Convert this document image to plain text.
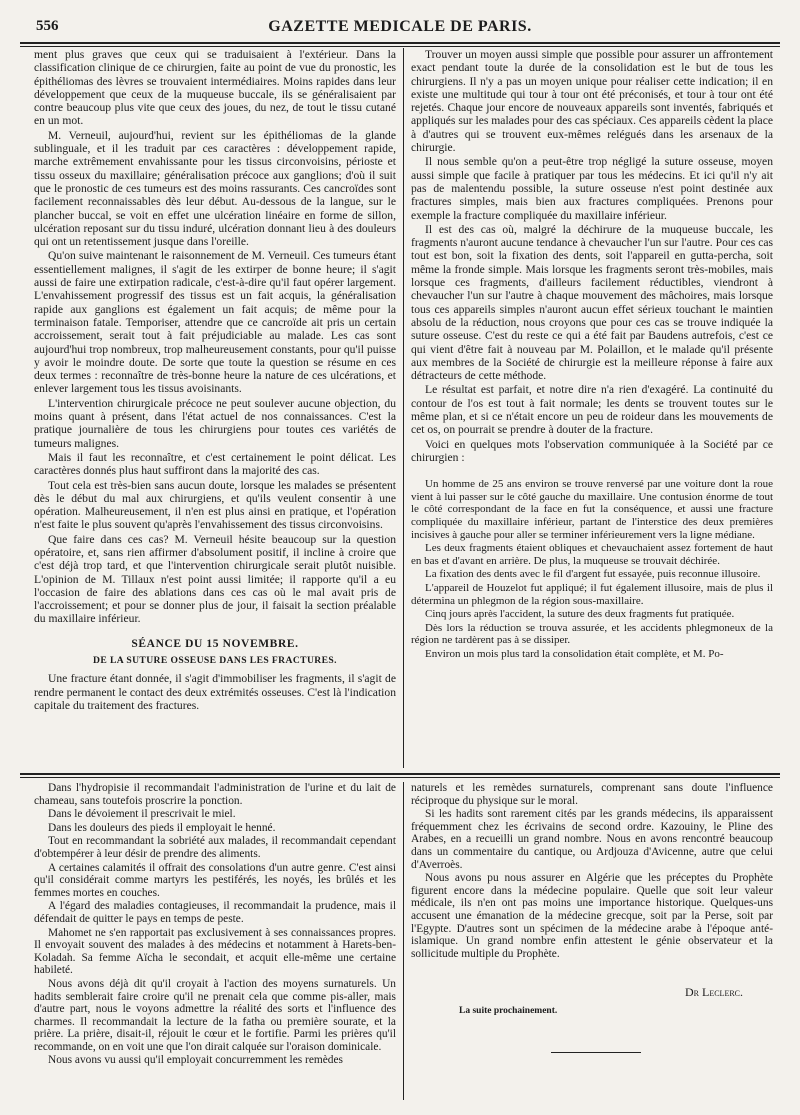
556	GAZETTE MEDICALE DE PARIS.

ment plus graves que ceux qui se traduisaient à l'extérieur. Dans la classification clinique de ce chirurgien, faite au point de vue du pronostic, les épithéliomas des lèvres se trouvaient intermédiaires. Moins rapides dans leur développement que ceux de la muqueuse buccale, ils se généralisaient par contre beaucoup plus vite que ceux des joues, du nez, de tout le tissu cutané en un mot.

M. Verneuil, aujourd'hui, revient sur les épithéliomas de la glande sublinguale, et il les traduit par ces caractères : développement rapide, marche extrêmement envahissante pour les tissus circonvoisins, périoste et tissu osseux du maxillaire; généralisation précoce aux ganglions; d'où il suit que le pronostic de ces tumeurs est des moins rassurants. Ces cancroïdes sont facilement reconnaissables dès leur début. Au-dessous de la langue, sur le plancher buccal, se voit en effet une ulcération linéaire en forme de sillon, ulcération reposant sur du tissu induré, ulcération donnant lieu à des douleurs qui ont un retentissement jusque dans l'oreille.

Qu'on suive maintenant le raisonnement de M. Verneuil. Ces tumeurs étant essentiellement malignes, il s'agit de les extirper de bonne heure; il s'agit aussi de faire une extirpation radicale, c'est-à-dire qu'il faut opérer largement. L'envahissement progressif des tissus est un fait acquis, la généralisation rapide aux ganglions est également un fait acquis; de même pour la terminaison fatale. Temporiser, attendre que ce cancroïde ait pris un certain accroissement, serait tout à fait préjudiciable au malade. Les cas sont aujourd'hui trop nombreux, trop malheureusement constants, pour qu'il puisse y avoir le moindre doute. De sorte que toute la question se résume en ces deux termes : reconnaître de très-bonne heure la nature de ces ulcérations, et enlever largement tous les tissus avoisinants.

L'intervention chirurgicale précoce ne peut soulever aucune objection, du moins quant à présent, dans l'état actuel de nos connaissances. C'est la pratique journalière de tous les chirurgiens pour toutes ces variétés de tumeurs malignes.

Mais il faut les reconnaître, et c'est certainement le point délicat. Les caractères donnés plus haut suffiront dans la majorité des cas.

Tout cela est très-bien sans aucun doute, lorsque les malades se présentent dès le début du mal aux chirurgiens, et qu'ils veulent consentir à une opération. Malheureusement, il n'en est plus ainsi en pratique, et l'opération n'est faite le plus souvent qu'après l'envahissement des tissus circonvoisins.

Que faire dans ces cas? M. Verneuil hésite beaucoup sur la question opératoire, et, sans rien affirmer d'absolument positif, il incline à croire que c'est déjà trop tard, et que l'intervention chirurgicale serait plutôt nuisible. L'opinion de M. Tillaux n'est point aussi limitée; il rapporte qu'il a eu l'occasion de faire des ablations dans ces cas où le mal avait pris de l'accroissement; et pour se donner plus de jour, il faisait la section préalable du maxillaire inférieur.

SÉANCE DU 15 NOVEMBRE.
DE LA SUTURE OSSEUSE DANS LES FRACTURES.

Une fracture étant donnée, il s'agit d'immobiliser les fragments, il s'agit de rendre permanent le contact des deux extrémités osseuses. C'est là l'indication capitale du traitement des fractures.

Trouver un moyen aussi simple que possible pour assurer un affrontement exact pendant toute la durée de la consolidation est le but de tous les chirurgiens. Il n'y a pas un moyen unique pour réaliser cette indication; il en existe une multitude qui tour à tour ont été préconisés, et tour à tour ont été rejetés. Chaque jour encore de nouveaux appareils sont inventés, fabriqués et appliqués sur les malades pour des cas spéciaux. Ces appareils cèdent la place à d'autres qui se trouvent eux-mêmes relégués dans les arsenaux de la chirurgie.

Il nous semble qu'on a peut-être trop négligé la suture osseuse, moyen aussi simple que facile à pratiquer par tous les médecins. Et ici qu'il n'y ait pas de malentendu possible, la suture osseuse n'est point destinée aux fractures simples, mais bien aux fractures compliquées. Prenons pour exemple la fracture compliquée du maxillaire inférieur.

Il est des cas où, malgré la déchirure de la muqueuse buccale, les fragments n'auront aucune tendance à chevaucher l'un sur l'autre. Pour ces cas tout est bon, soit la fixation des dents, soit l'appareil en gutta-percha, soit même la fronde simple. Mais lorsque les fragments seront très-mobiles, mais lorsque ces fragments, d'ailleurs facilement réductibles, viendront à chevaucher l'un sur l'autre à chaque mouvement des mâchoires, mais lorsque tous ces appareils simples n'auront aucun effet sérieux touchant le maintien absolu de la réduction, nous croyons que pour ces cas se trouve indiquée la suture osseuse. C'est du reste ce qui a été fait par Baudens autrefois, c'est ce qui vient d'être fait à nouveau par M. Polaillon, et le malade qu'il présente aux membres de la Société de chirurgie est la meilleure réponse à faire aux détracteurs de cette méthode.

Le résultat est parfait, et notre dire n'a rien d'exagéré. La continuité du contour de l'os est tout à fait normale; les dents se trouvent toutes sur le même plan, et si ce n'était encore un peu de roideur dans les mouvements de cet os, on pourrait se prendre à douter de la fracture.

Voici en quelques mots l'observation communiquée à la Société par ce chirurgien :

Un homme de 25 ans environ se trouve renversé par une voiture dont la roue vient à lui passer sur le côté gauche du maxillaire. Une contusion énorme de tout le côté correspondant de la face en fut la conséquence, et aussi une fracture compliquée du maxillaire inférieur, partant de l'interstice des deux premières incisives à gauche pour aller se terminer inférieurement vers la ligne médiane.

Les deux fragments étaient obliques et chevauchaient assez fortement de haut en bas et d'avant en arrière. De plus, la muqueuse se trouvait déchirée.

La fixation des dents avec le fil d'argent fut essayée, puis reconnue illusoire.

L'appareil de Houzelot fut appliqué; il fut également illusoire, mais de plus il détermina un phlegmon de la région sous-maxillaire.

Cinq jours après l'accident, la suture des deux fragments fut pratiquée.

Dès lors la réduction se trouva assurée, et les accidents phlegmoneux de la région ne tardèrent pas à se dissiper.

Environ un mois plus tard la consolidation était complète, et M. Po-

Dans l'hydropisie il recommandait l'administration de l'urine et du lait de chameau, sans toutefois proscrire la ponction.

Dans le dévoiement il prescrivait le miel.

Dans les douleurs des pieds il employait le henné.

Tout en recommandant la sobriété aux malades, il recommandait cependant d'obtempérer à leur désir de prendre des aliments.

A certaines calamités il offrait des consolations d'un autre genre. C'est ainsi qu'il considérait comme martyrs les pestiférés, les noyés, les brûlés et les femmes mortes en couches.

A l'égard des maladies contagieuses, il recommandait la prudence, mais il défendait de quitter le pays en temps de peste.

Mahomet ne s'en rapportait pas exclusivement à ses connaissances propres. Il envoyait souvent des malades à des médecins et notamment à Harets-ben-Koladah. Sa femme Aïcha le secondait, et acquit elle-même une certaine habileté.

Nous avons déjà dit qu'il croyait à l'action des moyens surnaturels. Un hadits semblerait faire croire qu'il ne prenait cela que comme pis-aller, mais d'autre part, nous le voyons admettre la réalité des sorts et l'influence des charmes. Il recommandait la lecture de la fatha ou première sourate, et la prière. La prière, disait-il, réjouit le cœur et le fortifie. Parmi les prières qu'il recommande, on en voit une que l'on dirait calquée sur l'oraison dominicale.

Nous avons vu aussi qu'il employait concurremment les remèdes

naturels et les remèdes surnaturels, comprenant sans doute l'influence réciproque du physique sur le moral.

Si les hadits sont rarement cités par les grands médecins, ils apparaissent fréquemment chez les écrivains de second ordre. Kazouiny, le Pline des Arabes, en a recueilli un grand nombre. Nous en avons rencontré beaucoup dans un commentaire du cantique, ou Ardjouza d'Avicenne, autre que celui d'Averroès.

Nous avons pu nous assurer en Algérie que les préceptes du Prophète figurent encore dans la médecine populaire. Quelle que soit leur valeur médicale, ils n'en ont pas moins une importance historique. Quelques-uns accusent une émanation de la médecine grecque, soit par la Perse, soit par l'Egypte. D'autres sont un spécimen de la médecine arabe à l'époque anté-islamique. Un grand nombre enfin attestent le génie observateur et la sollicitude multiple du Prophète.

Dr Leclerc.
La suite prochainement.
